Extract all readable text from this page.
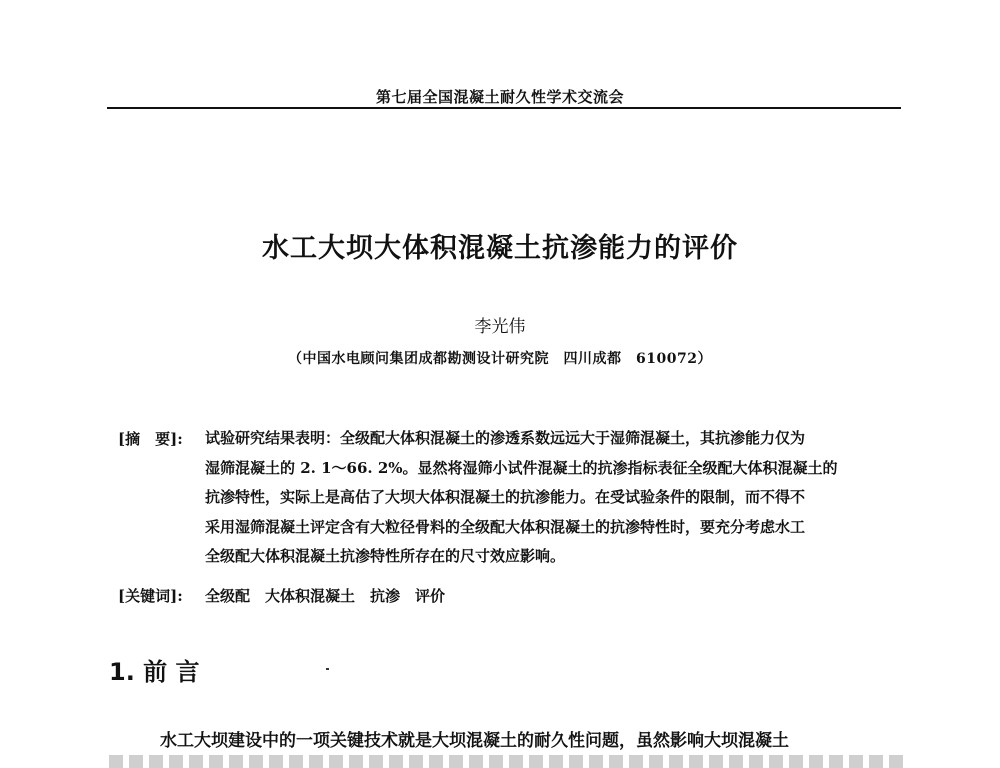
第七届全国混凝土耐久性学术交流会
水工大坝大体积混凝土抗渗能力的评价
李光伟
（中国水电顾问集团成都勘测设计研究院　四川成都　610072）
[摘　要]: 试验研究结果表明：全级配大体积混凝土的渗透系数远远大于湿筛混凝土，其抗渗能力仅为
湿筛混凝土的 2. 1～66. 2%。显然将湿筛小试件混凝土的抗渗指标表征全级配大体积混凝土的
抗渗特性，实际上是高估了大坝大体积混凝土的抗渗能力。在受试验条件的限制，而不得不
采用湿筛混凝土评定含有大粒径骨料的全级配大体积混凝土的抗渗特性时，要充分考虑水工
全级配大体积混凝土抗渗特性所存在的尺寸效应影响。
[关键词]: 全级配　大体积混凝土　抗渗　评价
1. 前 言
水工大坝建设中的一项关键技术就是大坝混凝土的耐久性问题，虽然影响大坝混凝土
